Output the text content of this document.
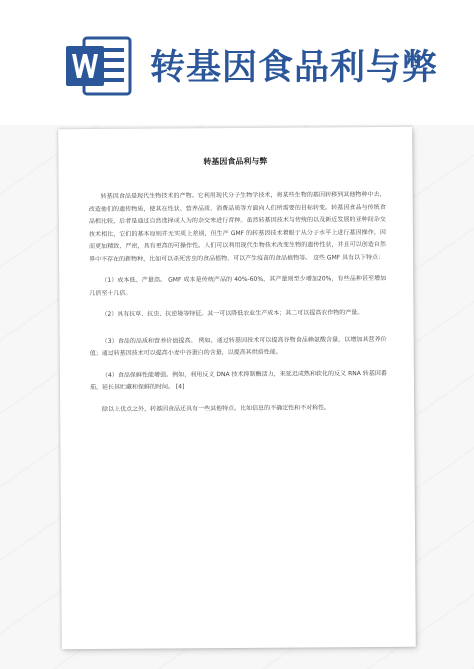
转基因食品利与弊
转基因食品利与弊

转基因食品是现代生物技术的产物。它利用现代分子生物学技术，将某些生物的基因转移到其他物种中去，改造他们的遗传物质，使其在性状、营养品质、消费品质等方面向人们所需要的目标转变。转基因食品与传统食品相比较，后者是通过自然选择或人为的杂交来进行育种。虽然转基因技术与传统的以及新近发展的亚种间杂交技术相比，它们的基本原则并无实质上差别，但生产 GMF 的转基因技术着眼于从分子水平上进行基因操作，因而更加精致、严密，具有更高的可操作性。人们可以利用现代生物技术改变生物的遗传性状，并且可以创造自然界中不存在的新物种，比如可以杀死害虫的食品植物、可以产生疫苗的食品植物等。 这些 GMF 具有以下特点：

（1）成本低、产量高。 GMF 成本是传统产品的 40%-60%，其产量则至少增加20%，有些品种甚至增加几倍至十几倍。

（2）具有抗草、抗虫、抗逆境等特征。其一可以降低农业生产成本；其二可以提高农作物的产量。

（3）食品的品质和营养价值提高。 例如，通过转基因技术可以提高谷物食品赖氨酸含量，以增加其营养价值；通过转基因技术可以提高小麦中谷蛋白的含量，以提高其烘焙性能。

（4）食品保鲜性能增强。例如，利用反义 DNA 技术抑制酶活力，来延迟成熟和软化的反义 RNA 转基因番茄，延长其贮藏和保鲜的时间。 [4]

除以上优点之外，转基因食品还具有一些其他特点。比如信息的不确定性和不对称性。
